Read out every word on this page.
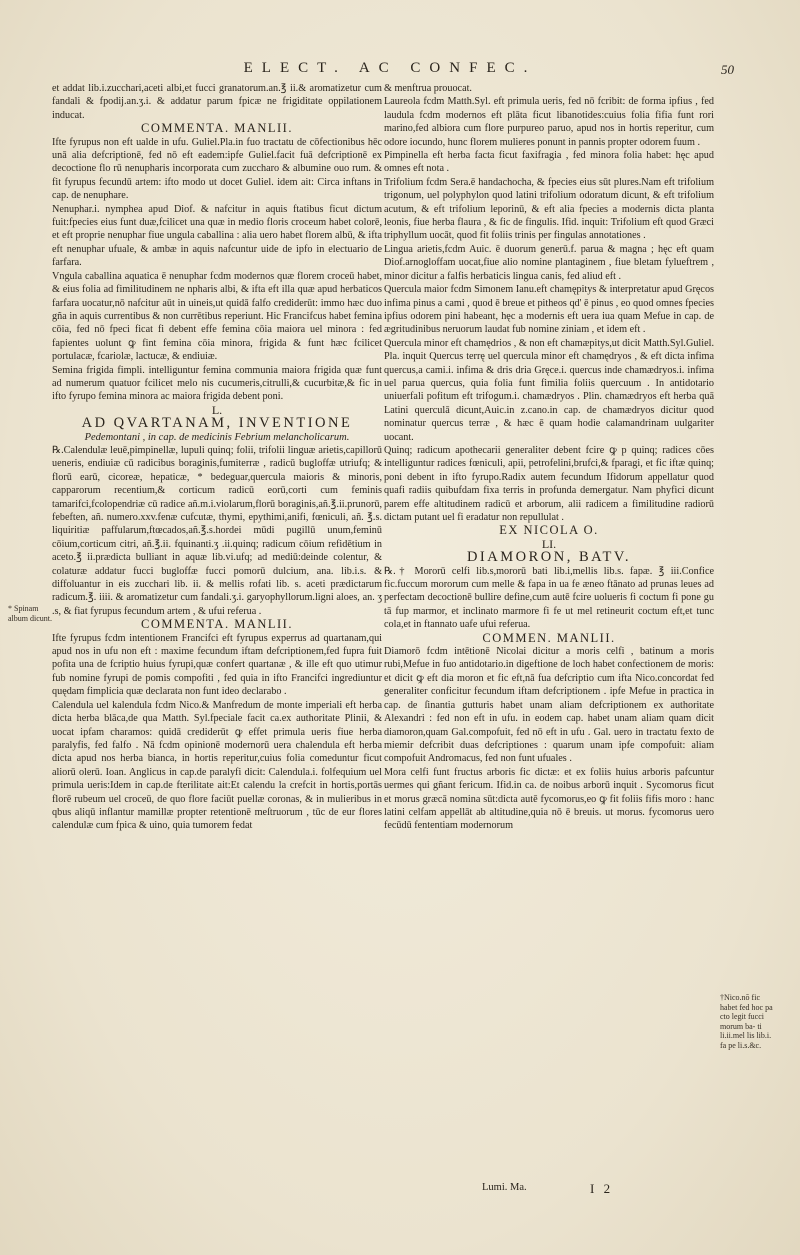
ELECT. AC CONFEC.	50

et addat lib.i.zucchari,aceti albi,et fucci granatorum.an.℥ ii.& aromatizetur cum fandali & fpodij.an.ʒ.i. & addatur parum fpicæ ne frigiditate oppilationem inducat.

COMMENTA. MANLII.

Ifte fyrupus non eft ualde in ufu. Guliel.Pla.in fuo tractatu de cōfectionibus hēc unā alia defcriptionē, fed nō eft eadem:ipfe Guliel.facit fuā defcriptionē ex decoctione flo rū nenupharis incorporata cum zuccharo & albumine ouo rum. & fit fyrupus fecundū artem: ifto modo ut docet Guliel. idem ait: Circa inftans in cap. de nenuphare.

Nenuphar.i. nymphea apud Diof. & nafcitur in aquis ftatibus ficut dictum fuit:fpecies eius funt duæ,fcilicet una quæ in medio floris croceum habet colorē, et eft proprie nenuphar fiue ungula caballina : alia uero habet florem albū, & ifta eft nenuphar ufuale, & ambæ in aquis nafcuntur uide de ipfo in electuario de farfara.

Vngula caballina aquatica ē nenuphar fcdm modernos quæ florem croceū habet, & eius folia ad fimilitudinem ne npharis albi, & ifta eft illa quæ apud herbaticos farfara uocatur,nō nafcitur aūt in uineis,ut quidā falfo crediderūt: immo hæc duo gña in aquis currentibus & non currētibus reperiunt. Hic Francifcus habet femina cōia, fed nō fpeci ficat fi debent effe femina cōia maiora uel minora : fed fapientes uolunt ꝙ fint femina cōia minora, frigida & funt hæc fcilicet portulacæ, fcariolæ, lactucæ, & endiuiæ.

Semina frigida fimpli. intelliguntur femina communia maiora frigida quæ funt ad numerum quatuor fcilicet melo nis cucumeris,citrulli,& cucurbitæ,& fic in ifto fyrupo femina minora ac maiora frigida debent poni.

L.

AD QVARTANAM, INVENTIONE

Pedemontani , in cap. de medicinis Febrium melancholicarum.

℞.Calendulæ leuē,pimpinellæ, lupuli quinq; folii, trifolii linguæ arietis,capillorū ueneris, endiuiæ cū radicibus boraginis,fumiterræ , radicū bugloffæ utriufq; & florū earū, cicoreæ, hepaticæ, * bedeguar,quercula maioris & minoris, capparorum recentium,& corticum radicū eorū,corti cum feminis tamarifci,fcolopendriæ cū radice añ.m.i.violarum,florū boraginis,añ.℥.ii.prunorū, febeften, añ. numero.xxv.fenæ cufcutæ, thymi, epythimi,anifi, fœniculi, añ. ℥.s. liquiritiæ paffularum,ftœcados,añ.℥.s.hordei mūdi pugillū unum,feminū cōium,corticum citri, añ.℥.ii. fquinanti.ʒ .ii.quinq; radicum cōium refidētium in aceto.℥ ii.prædicta bulliant in aquæ lib.vi.ufq; ad mediū:deinde colentur, & colaturæ addatur fucci bugloffæ fucci pomorū dulcium, ana. lib.i.s. & diffoluantur in eis zucchari lib. ii. & mellis rofati lib. s. aceti prædictarum radicum.℥. iiii. & aromatizetur cum fandali.ʒ.i. garyophyllorum.ligni aloes, an. ʒ .s, & fiat fyrupus fecundum artem , & ufui referua .

COMMENTA. MANLII.

Ifte fyrupus fcdm intentionem Francifci eft fyrupus experrus ad quartanam,qui apud nos in ufu non eft : maxime fecundum iftam defcriptionem,fed fupra fuit pofita una de fcriptio huius fyrupi,quæ confert quartanæ , & ille eft quo utimur fub nomine fyrupi de pomis compofiti , fed quia in ifto Francifci ingrediuntur quędam fimplicia quæ declarata non funt ideo declarabo .

Calendula uel kalendula fcdm Nico.& Manfredum de monte imperiali eft herba dicta herba blāca,de qua Matth. Syl.fpeciale facit ca.ex authoritate Plinii, & uocat ipfam charamos: quidā crediderūt ꝙ effet primula ueris fiue herba paralyfis, fed falfo . Nā fcdm opinionē modernorū uera chalendula eft herba dicta apud nos herba bianca, in hortis reperitur,cuius folia comeduntur ficut aliorū olerū. Ioan. Anglicus in cap.de paralyfi dicit: Calendula.i. folfequium uel primula ueris:Idem in cap.de fterilitate ait:Et calendu la crefcit in hortis,portās florē rubeum uel croceū, de quo flore faciūt puellæ coronas, & in mulieribus in qbus aliqū inflantur mamillæ propter retentionē meſtruorum , tūc de eur flores calendulæ cum fpica & uino, quia tumorem fedat

& menftrua prouocat.

Laureola fcdm Matth.Syl. eft primula ueris, fed nō fcribit: de forma ipfius , fed laudula fcdm modernos eft plāta ficut libanotides:cuius folia fifia funt rori marino,fed albiora cum flore purpureo paruo, apud nos in hortis reperitur, cum odore iocundo, hunc florem mulieres ponunt in pannis propter odorem fuum .

Pimpinella eft herba facta ficut faxifragia , fed minora folia habet: hęc apud omnes eft nota .

Trifolium fcdm Sera.ē handachocha, & fpecies eius sūt plures.Nam eft trifolium trigonum, uel polyphylon quod latini trifolium odoratum dicunt, & eft trifolium acutum, & eft trifolium leporinū, & eft alia fpecies a modernis dicta planta leonis, fiue herba flaura , & fic de fingulis. Ifid. inquit: Trifolium eft quod Græci triphyllum uocāt, quod fit foliis trinis per fingulas annotationes .

Lingua arietis,fcdm Auic. ē duorum generū.f. parua & magna ; hęc eft quam Diof.arnogloffam uocat,fiue alio nomine plantaginem , fiue bletam fylueftrem , minor dicitur a falfis herbaticis lingua canis, fed aliud eft .

Quercula maior fcdm Simonem Ianu.eft chamępitys & interpretatur apud Gręcos infima pinus a cami , quod ē breue et pitheos qd' ē pinus , eo quod omnes fpecies ipfius odorem pini habeant, hęc a modernis eft uera iua quam Mefue in cap. de ægritudinibus neruorum laudat fub nomine ziniam , et idem eft .

Quercula minor eft chamędrios , & non eft chamæpitys,ut dicit Matth.Syl.Guliel. Pla. inquit Quercus terrę uel quercula minor eft chamędryos , & eft dicta infima quercus,a cami.i. infima & dris dria Gręce.i. quercus inde chamædryos.i. infima uel parua quercus, quia folia funt fimilia foliis quercuum . In antidotario uniuerfali pofitum eft trifogum.i. chamædryos . Plin. chamædryos eft herba quā Latini querculā dicunt,Auic.in z.cano.in cap. de chamædryos dicitur quod nominatur quercus terræ , & hæc ē quam hodie calamandrinam uulgariter uocant.

Quinq; radicum apothecarii generaliter debent fcire ꝙ p quinq; radices cōes intelliguntur radices fœniculi, apii, petrofelini,brufci,& fparagi, et fic iftæ quinq; poni debent in ifto fyrupo.Radix autem fecundum Ifidorum appellatur quod quafi radiis quibufdam fixa terris in profunda demergatur. Nam phyfici dicunt parem effe altitudinem radicū et arborum, alii radicem a fimilitudine radiorū dictam putant uel fi eradatur non repullulat .

EX NICOLA O.

LI.

DIAMORON, BATV.

℞.† Mororū celfi lib.s,mororū bati lib.i,mellis lib.s. fapæ. ℥ iii.Confice fic.fuccum mororum cum melle & fapa in ua fe æneo ftānato ad prunas leues ad perfectam decoctionē bullire define,cum autē fcire uolueris fi coctum fi pone gu tā fup marmor, et inclinato marmore fi fe ut mel retineurit coctum eft,et tunc cola,et in ftannato uafe ufui referua.

COMMEN. MANLII.

Diamorō fcdm intētionē Nicolai dicitur a moris celfi , batinum a moris rubi,Mefue in fuo antidotario.in digeftione de loch habet confectionem de moris: et dicit ꝙ eft dia moron et fic eft,nā fua defcriptio cum ifta Nico.concordat fed generaliter conficitur fecundum iftam defcriptionem . ipfe Mefue in practica in cap. de ſinantia gutturis habet unam aliam defcriptionem ex authoritate Alexandri : fed non eft in ufu. in eodem cap. habet unam aliam quam dicit diamoron,quam Gal.compofuit, fed nō eft in ufu . Gal. uero in tractatu fexto de miemir defcribit duas defcriptiones : quarum unam ipfe compofuit: aliam compofuit Andromacus, fed non funt ufuales .

Mora celfi funt fructus arboris fic dictæ: et ex foliis huius arboris pafcuntur uermes qui gñant fericum. Ifid.in ca. de noibus arborū inquit . Sycomorus ficut et morus græcā nomina sūt:dicta autē fycomorus,eo ꝙ fit foliis fifis moro : hanc latini celfam appellāt ab altitudine,quia nō ē breuis. ut morus. fycomorus uero fecūdū fententiam modernorum

* Spinam album dicunt.
†Nico.nō fic habet fed hoc pa cto legit fucci morum ba- ti li.ii.mel lis lib.i. fa pe li.s.&c.
Lumi. Ma.	I 2
